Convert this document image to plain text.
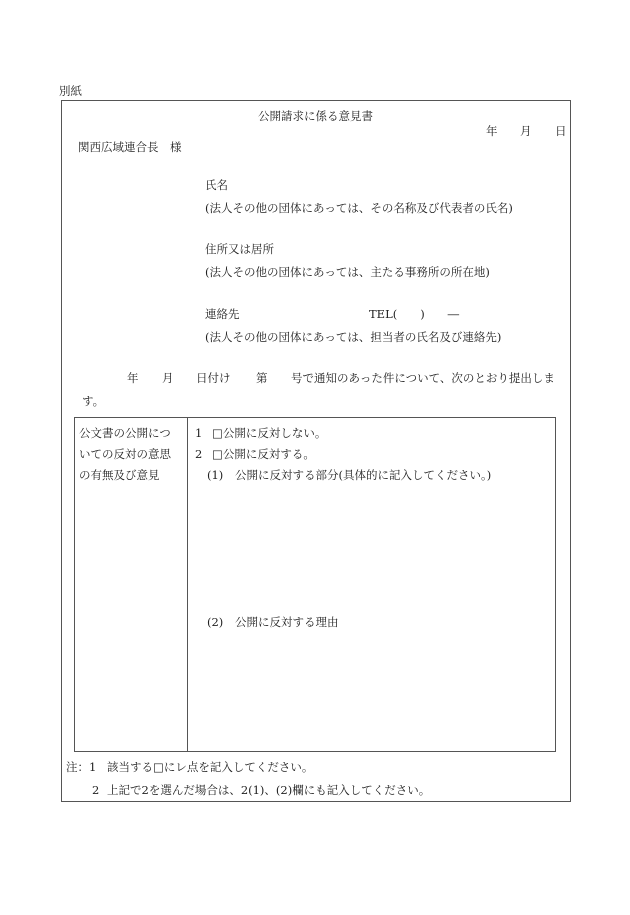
別紙
公開請求に係る意見書
年 月 日
関西広域連合長　様
氏名
(法人その他の団体にあっては、その名称及び代表者の氏名)
住所又は居所
(法人その他の団体にあっては、主たる事務所の所在地)
連絡先	TEL(　　)　　―
(法人その他の団体にあっては、担当者の氏名及び連絡先)
年 月 日付け 第 号で通知のあった件について、次のとおり提出しま
す。
公文書の公開につ
いての反対の意思
の有無及び意見
1 □公開に反対しない。
2 □公開に反対する。
(1) 公開に反対する部分(具体的に記入してください。)
(2) 公開に反対する理由
注：1 該当する□にレ点を記入してください。
2 上記で2を選んだ場合は、2(1)、(2)欄にも記入してください。
